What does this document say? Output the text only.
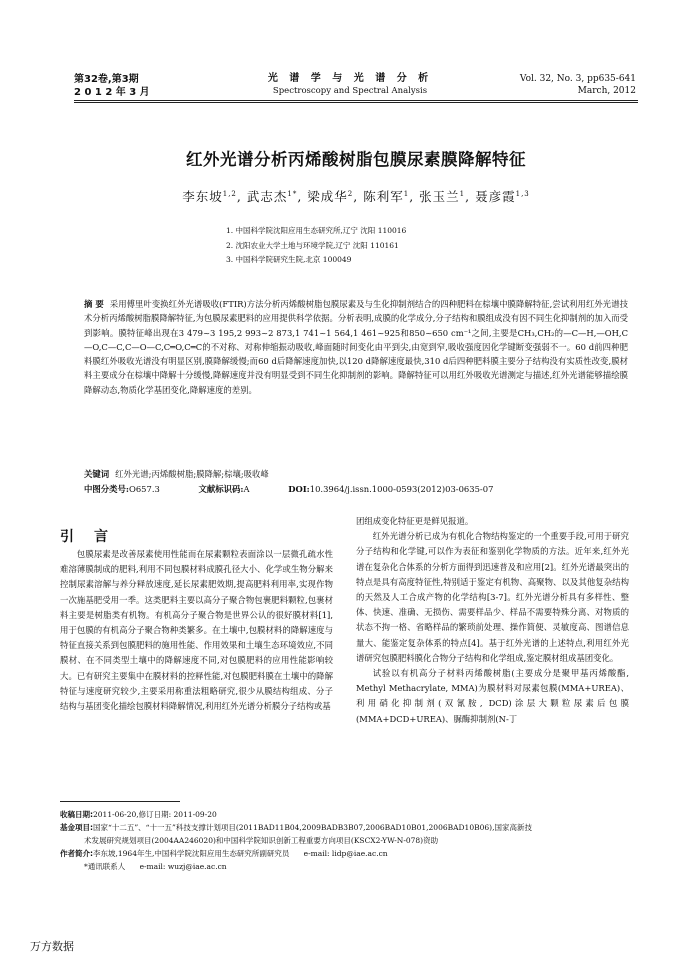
第32卷,第3期
2 0 1 2 年 3 月
光 谱 学 与 光 谱 分 析
Spectroscopy and Spectral Analysis
Vol. 32, No. 3, pp635-641
March, 2012
红外光谱分析丙烯酸树脂包膜尿素膜降解特征
李东坡$^{1,2}$, 武志杰$^{1*}$, 梁成华$^2$, 陈利军$^1$, 张玉兰$^1$, 聂彦霞$^{1,3}$
1. 中国科学院沈阳应用生态研究所,辽宁 沈阳 110016
2. 沈阳农业大学土地与环境学院,辽宁 沈阳 110161
3. 中国科学院研究生院,北京 100049
摘 要 采用傅里叶变换红外光谱吸收(FTIR)方法分析丙烯酸树脂包膜尿素及与生化抑制剂结合的四种肥料在棕壤中膜降解特征,尝试利用红外光谱技术分析丙烯酸树脂膜降解特征,为包膜尿素肥料的应用提供科学依据。分析表明,成膜的化学成分,分子结构和膜组成没有因不同生化抑制剂的加入而受到影响。膜特征峰出现在3 479~3 195,2 993~2 873,1 741~1 564,1 461~925和850~650 cm⁻¹之间,主要是CH₃,CH₂的—C—H,—OH,C—O,C—C,C—O—C,C═O,C═C的不对称、对称伸缩振动吸收,峰面随时间变化由平到尖,由宽到窄,吸收强度因化学键断变强弱不一。60 d前四种肥料膜红外吸收光谱没有明显区别,膜降解缓慢;而60 d后降解速度加快,以120 d降解速度最快,310 d后四种肥料膜主要分子结构没有实质性改变,膜材料主要成分在棕壤中降解十分缓慢,降解速度并没有明显受到不同生化抑制剂的影响。降解特征可以用红外吸收光谱测定与描述,红外光谱能够描绘膜降解动态,物质化学基团变化,降解速度的差别。
关键词 红外光谱;丙烯酸树脂;膜降解;棕壤;吸收峰
中图分类号:O657.3	文献标识码:A	DOI:10.3964/j.issn.1000-0593(2012)03-0635-07
引言

包膜尿素是改善尿素使用性能而在尿素颗粒表面涂以一层微孔疏水性难溶薄膜制成的肥料,利用不同包膜材料成膜孔径大小、化学或生物分解来控制尿素溶解与养分释放速度,延长尿素肥效期,提高肥料利用率,实现作物一次施基肥受用一季。这类肥料主要以高分子聚合物包裹肥料颗粒,包裹材料主要是树脂类有机物。有机高分子聚合物是世界公认的很好膜材料[1],用于包膜的有机高分子聚合物种类繁多。在土壤中,包膜材料的降解速度与特征直接关系到包膜肥料的施用性能、作用效果和土壤生态环境效应,不同膜材、在不同类型土壤中的降解速度不同,对包膜肥料的应用性能影响较大。已有研究主要集中在膜材料的控释性能,对包膜肥料膜在土壤中的降解特征与速度研究较少,主要采用称重法粗略研究,很少从膜结构组成、分子结构与基团变化描绘包膜材料降解情况,利用红外光谱分析膜分子结构或基

团组成变化特征更是鲜见报道。

红外光谱分析已成为有机化合物结构鉴定的一个重要手段,可用于研究分子结构和化学键,可以作为表征和鉴别化学物质的方法。近年来,红外光谱在复杂化合体系的分析方面得到迅速普及和应用[2]。红外光谱最突出的特点是具有高度特征性,特别适于鉴定有机物、高聚物、以及其他复杂结构的天然及人工合成产物的化学结构[3-7]。红外光谱分析具有多样性、整体、快速、准确、无损伤、需要样品少、样品不需要特殊分离、对物质的状态不拘一格、省略样品的繁琐前处理、操作简便、灵敏度高、图谱信息量大、能鉴定复杂体系的特点[4]。基于红外光谱的上述特点,利用红外光谱研究包膜肥料膜化合物分子结构和化学组成,鉴定膜材组成基团变化。

试验以有机高分子材料丙烯酸树脂(主要成分是聚甲基丙烯酸酯, Methyl Methacrylate, MMA)为膜材料对尿素包膜(MMA+UREA)、利用硝化抑制剂(双氰胺, DCD)涂层大颗粒尿素后包膜(MMA+DCD+UREA)、脲酶抑制剂(N-丁

收稿日期:2011-06-20,修订日期: 2011-09-20
基金项目:国家“十二五”、“十一五”科技支撑计划项目(2011BAD11B04,2009BADB3B07,2006BAD10B01,2006BAD10B06),国家高新技
术发展研究规划项目(2004AA246020)和中国科学院知识创新工程重要方向项目(KSCX2-YW-N-078)资助
作者简介:李东坡,1964年生,中国科学院沈阳应用生态研究所副研究员 e-mail: lidp@iae.ac.cn
*通讯联系人 e-mail: wuzj@iae.ac.cn
万方数据
